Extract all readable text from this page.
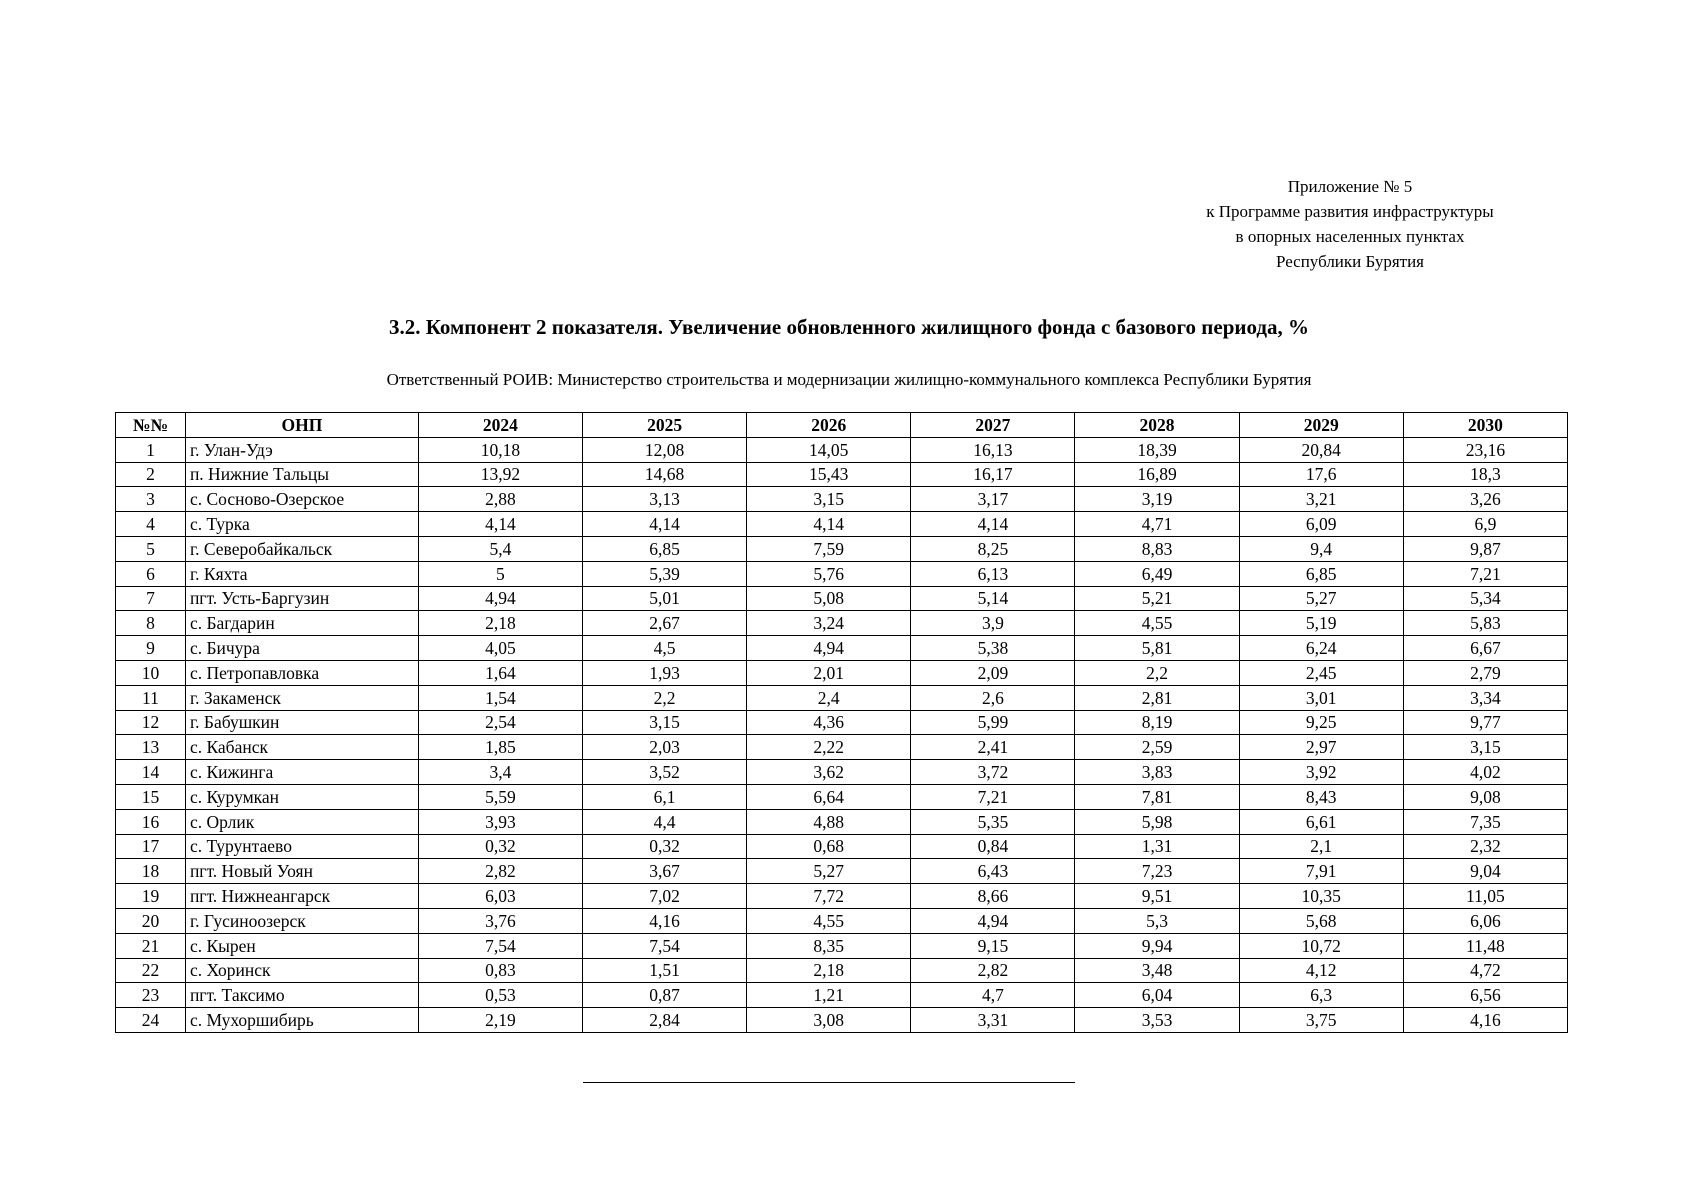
Приложение № 5
к Программе развития инфраструктуры
в опорных населенных пунктах
Республики Бурятия
3.2. Компонент 2 показателя. Увеличение обновленного жилищного фонда с базового периода, %
Ответственный РОИВ: Министерство строительства и модернизации жилищно-коммунального комплекса Республики Бурятия
№№	ОНП	2024	2025	2026	2027	2028	2029	2030
1	г. Улан-Удэ	10,18	12,08	14,05	16,13	18,39	20,84	23,16
2	п. Нижние Тальцы	13,92	14,68	15,43	16,17	16,89	17,6	18,3
3	с. Сосново-Озерское	2,88	3,13	3,15	3,17	3,19	3,21	3,26
4	с. Турка	4,14	4,14	4,14	4,14	4,71	6,09	6,9
5	г. Северобайкальск	5,4	6,85	7,59	8,25	8,83	9,4	9,87
6	г. Кяхта	5	5,39	5,76	6,13	6,49	6,85	7,21
7	пгт. Усть-Баргузин	4,94	5,01	5,08	5,14	5,21	5,27	5,34
8	с. Багдарин	2,18	2,67	3,24	3,9	4,55	5,19	5,83
9	с. Бичура	4,05	4,5	4,94	5,38	5,81	6,24	6,67
10	с. Петропавловка	1,64	1,93	2,01	2,09	2,2	2,45	2,79
11	г. Закаменск	1,54	2,2	2,4	2,6	2,81	3,01	3,34
12	г. Бабушкин	2,54	3,15	4,36	5,99	8,19	9,25	9,77
13	с. Кабанск	1,85	2,03	2,22	2,41	2,59	2,97	3,15
14	с. Кижинга	3,4	3,52	3,62	3,72	3,83	3,92	4,02
15	с. Курумкан	5,59	6,1	6,64	7,21	7,81	8,43	9,08
16	с. Орлик	3,93	4,4	4,88	5,35	5,98	6,61	7,35
17	с. Турунтаево	0,32	0,32	0,68	0,84	1,31	2,1	2,32
18	пгт. Новый Уоян	2,82	3,67	5,27	6,43	7,23	7,91	9,04
19	пгт. Нижнеангарск	6,03	7,02	7,72	8,66	9,51	10,35	11,05
20	г. Гусиноозерск	3,76	4,16	4,55	4,94	5,3	5,68	6,06
21	с. Кырен	7,54	7,54	8,35	9,15	9,94	10,72	11,48
22	с. Хоринск	0,83	1,51	2,18	2,82	3,48	4,12	4,72
23	пгт. Таксимо	0,53	0,87	1,21	4,7	6,04	6,3	6,56
24	с. Мухоршибирь	2,19	2,84	3,08	3,31	3,53	3,75	4,16
